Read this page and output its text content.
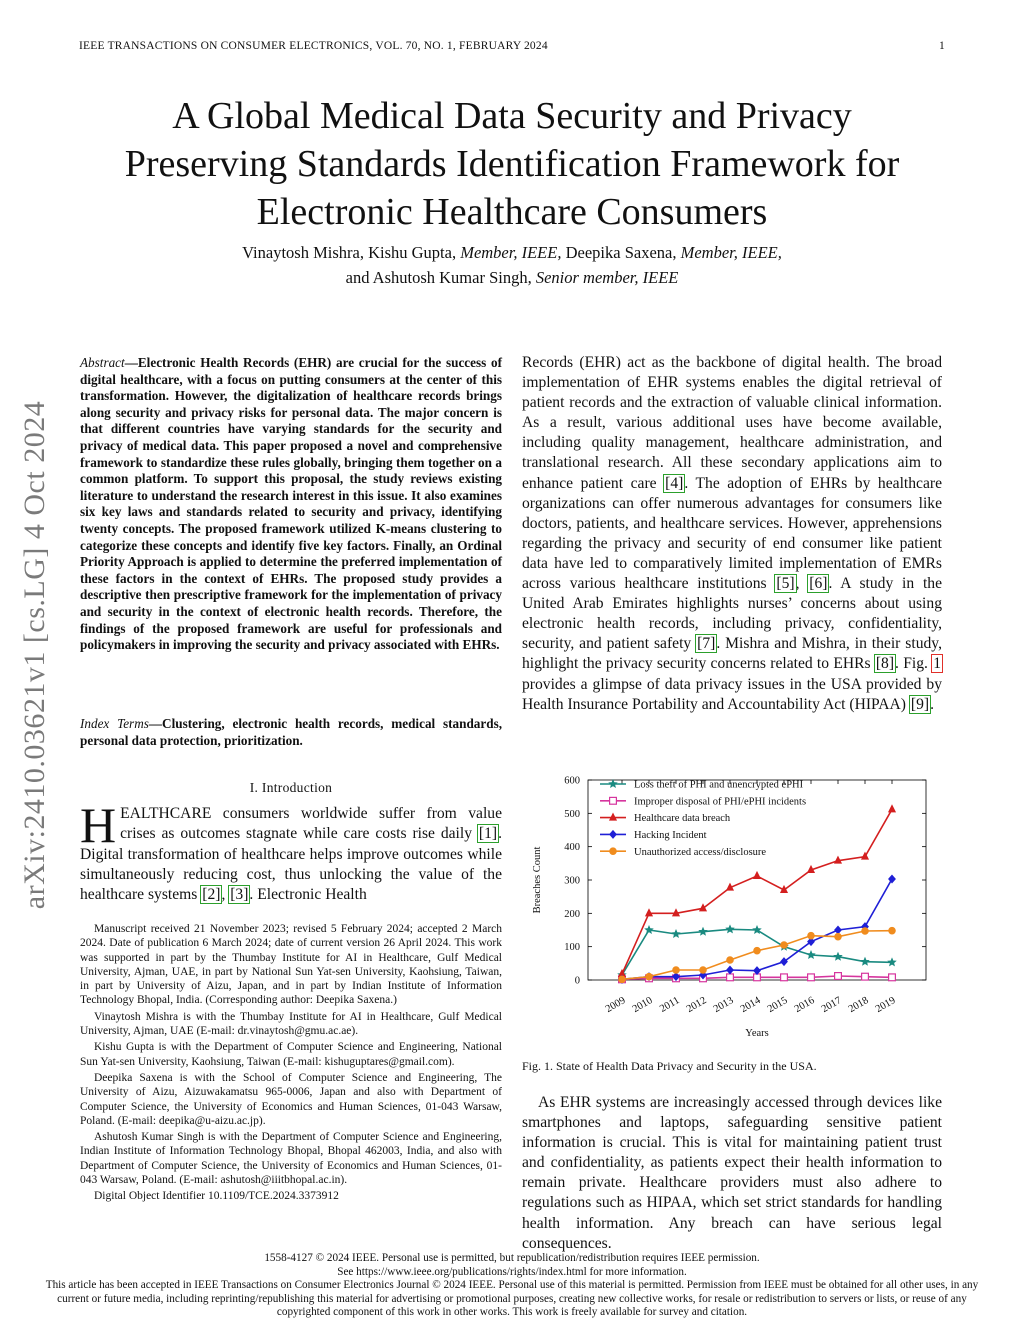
IEEE TRANSACTIONS ON CONSUMER ELECTRONICS, VOL. 70, NO. 1, FEBRUARY 2024	1
A Global Medical Data Security and Privacy
Preserving Standards Identification Framework for
Electronic Healthcare Consumers
Vinaytosh Mishra, Kishu Gupta, Member, IEEE, Deepika Saxena, Member, IEEE,
and Ashutosh Kumar Singh, Senior member, IEEE
arXiv:2410.03621v1 [cs.LG] 4 Oct 2024
Abstract—Electronic Health Records (EHR) are crucial for the success of digital healthcare, with a focus on putting consumers at the center of this transformation. However, the digitalization of healthcare records brings along security and privacy risks for personal data. The major concern is that different countries have varying standards for the security and privacy of medical data. This paper proposed a novel and comprehensive framework to standardize these rules globally, bringing them together on a common platform. To support this proposal, the study reviews existing literature to understand the research interest in this issue. It also examines six key laws and standards related to security and privacy, identifying twenty concepts. The proposed framework utilized K-means clustering to categorize these concepts and identify five key factors. Finally, an Ordinal Priority Approach is applied to determine the preferred implementation of these factors in the context of EHRs. The proposed study provides a descriptive then prescriptive framework for the implementation of privacy and security in the context of electronic health records. Therefore, the findings of the proposed framework are useful for professionals and policymakers in improving the security and privacy associated with EHRs.
Index Terms—Clustering, electronic health records, medical standards, personal data protection, prioritization.
I. Introduction
HEALTHCARE consumers worldwide suffer from value crises as outcomes stagnate while care costs rise daily [1]. Digital transformation of healthcare helps improve outcomes while simultaneously reducing cost, thus unlocking the value of the healthcare systems [2], [3]. Electronic Health

Manuscript received 21 November 2023; revised 5 February 2024; accepted 2 March 2024. Date of publication 6 March 2024; date of current version 26 April 2024. This work was supported in part by the Thumbay Institute for AI in Healthcare, Gulf Medical University, Ajman, UAE, in part by National Sun Yat-sen University, Kaohsiung, Taiwan, in part by University of Aizu, Japan, and in part by Indian Institute of Information Technology Bhopal, India. (Corresponding author: Deepika Saxena.)

Vinaytosh Mishra is with the Thumbay Institute for AI in Healthcare, Gulf Medical University, Ajman, UAE (E-mail: dr.vinaytosh@gmu.ac.ae).

Kishu Gupta is with the Department of Computer Science and Engineering, National Sun Yat-sen University, Kaohsiung, Taiwan (E-mail: kishuguptares@gmail.com).

Deepika Saxena is with the School of Computer Science and Engineering, The University of Aizu, Aizuwakamatsu 965-0006, Japan and also with Department of Computer Science, the University of Economics and Human Sciences, 01-043 Warsaw, Poland. (E-mail: deepika@u-aizu.ac.jp).

Ashutosh Kumar Singh is with the Department of Computer Science and Engineering, Indian Institute of Information Technology Bhopal, Bhopal 462003, India, and also with Department of Computer Science, the University of Economics and Human Sciences, 01-043 Warsaw, Poland. (E-mail: ashutosh@iiitbhopal.ac.in).

Digital Object Identifier 10.1109/TCE.2024.3373912

Records (EHR) act as the backbone of digital health. The broad implementation of EHR systems enables the digital retrieval of patient records and the extraction of valuable clinical information. As a result, various additional uses have become available, including quality management, healthcare administration, and translational research. All these secondary applications aim to enhance patient care [4]. The adoption of EHRs by healthcare organizations can offer numerous advantages for consumers like doctors, patients, and healthcare services. However, apprehensions regarding the privacy and security of end consumer like patient data have led to comparatively limited implementation of EMRs across various healthcare institutions [5], [6]. A study in the United Arab Emirates highlights nurses’ concerns about using electronic health records, including privacy, confidentiality, security, and patient safety [7]. Mishra and Mishra, in their study, highlight the privacy security concerns related to EHRs [8]. Fig. 1 provides a glimpse of data privacy issues in the USA provided by Health Insurance Portability and Accountability Act (HIPAA) [9].
0
100
200
300
400
500
600
2009 2010 2011 2012 2013 2014 2015 2016 2017 2018 2019
Years
Breaches Count
Loss theft of PHI and unencrypted ePHI
Improper disposal of PHI/ePHI incidents
Healthcare data breach
Hacking Incident
Unauthorized access/disclosure
Fig. 1. State of Health Data Privacy and Security in the USA.
As EHR systems are increasingly accessed through devices like smartphones and laptops, safeguarding sensitive patient information is crucial. This is vital for maintaining patient trust and confidentiality, as patients expect their health information to remain private. Healthcare providers must also adhere to regulations such as HIPAA, which set strict standards for handling health information. Any breach can have serious legal consequences.
1558-4127 © 2024 IEEE. Personal use is permitted, but republication/redistribution requires IEEE permission.
See https://www.ieee.org/publications/rights/index.html for more information.
This article has been accepted in IEEE Transactions on Consumer Electronics Journal © 2024 IEEE. Personal use of this material is permitted. Permission from IEEE must be obtained for all other uses, in any current or future media, including reprinting/republishing this material for advertising or promotional purposes, creating new collective works, for resale or redistribution to servers or lists, or reuse of any copyrighted component of this work in other works. This work is freely available for survey and citation.
